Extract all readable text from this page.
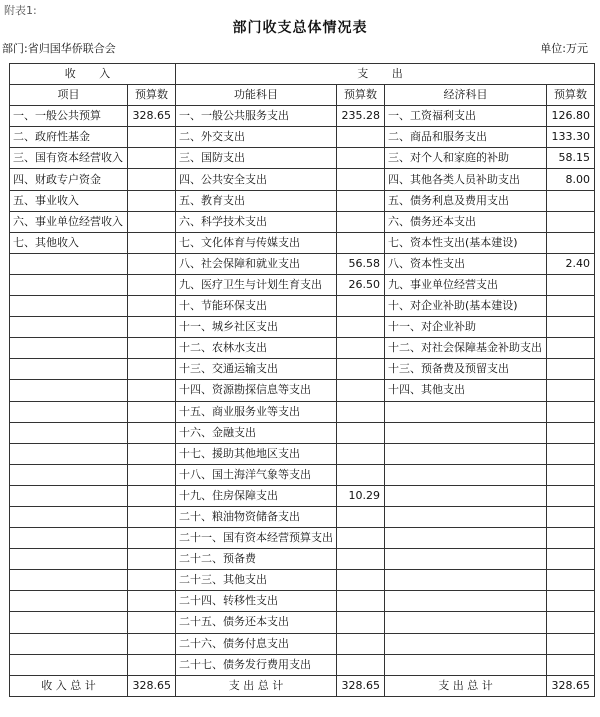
附表1:
部门收支总体情况表
部门:省归国华侨联合会	单位:万元
收 入		支 出			
项目	预算数	功能科目	预算数	经济科目	预算数
一、一般公共预算	328.65	一、一般公共服务支出	235.28	一、工资福利支出	126.80
二、政府性基金		二、外交支出		二、商品和服务支出	133.30
三、国有资本经营收入		三、国防支出		三、对个人和家庭的补助	58.15
四、财政专户资金		四、公共安全支出		四、其他各类人员补助支出	8.00
五、事业收入		五、教育支出		五、债务利息及费用支出	
六、事业单位经营收入		六、科学技术支出		六、债务还本支出	
七、其他收入		七、文化体育与传媒支出		七、资本性支出(基本建设)	
		八、社会保障和就业支出	56.58	八、资本性支出	2.40
		九、医疗卫生与计划生育支出	26.50	九、事业单位经营支出	
		十、节能环保支出		十、对企业补助(基本建设)	
		十一、城乡社区支出		十一、对企业补助	
		十二、农林水支出		十二、对社会保障基金补助支出	
		十三、交通运输支出		十三、预备费及预留支出	
		十四、资源勘探信息等支出		十四、其他支出	
		十五、商业服务业等支出			
		十六、金融支出			
		十七、援助其他地区支出			
		十八、国土海洋气象等支出			
		十九、住房保障支出	10.29		
		二十、粮油物资储备支出			
		二十一、国有资本经营预算支出			
		二十二、预备费			
		二十三、其他支出			
		二十四、转移性支出			
		二十五、债务还本支出			
		二十六、债务付息支出			
		二十七、债务发行费用支出			
收 入 总 计	328.65	支 出 总 计	328.65	支 出 总 计	328.65
